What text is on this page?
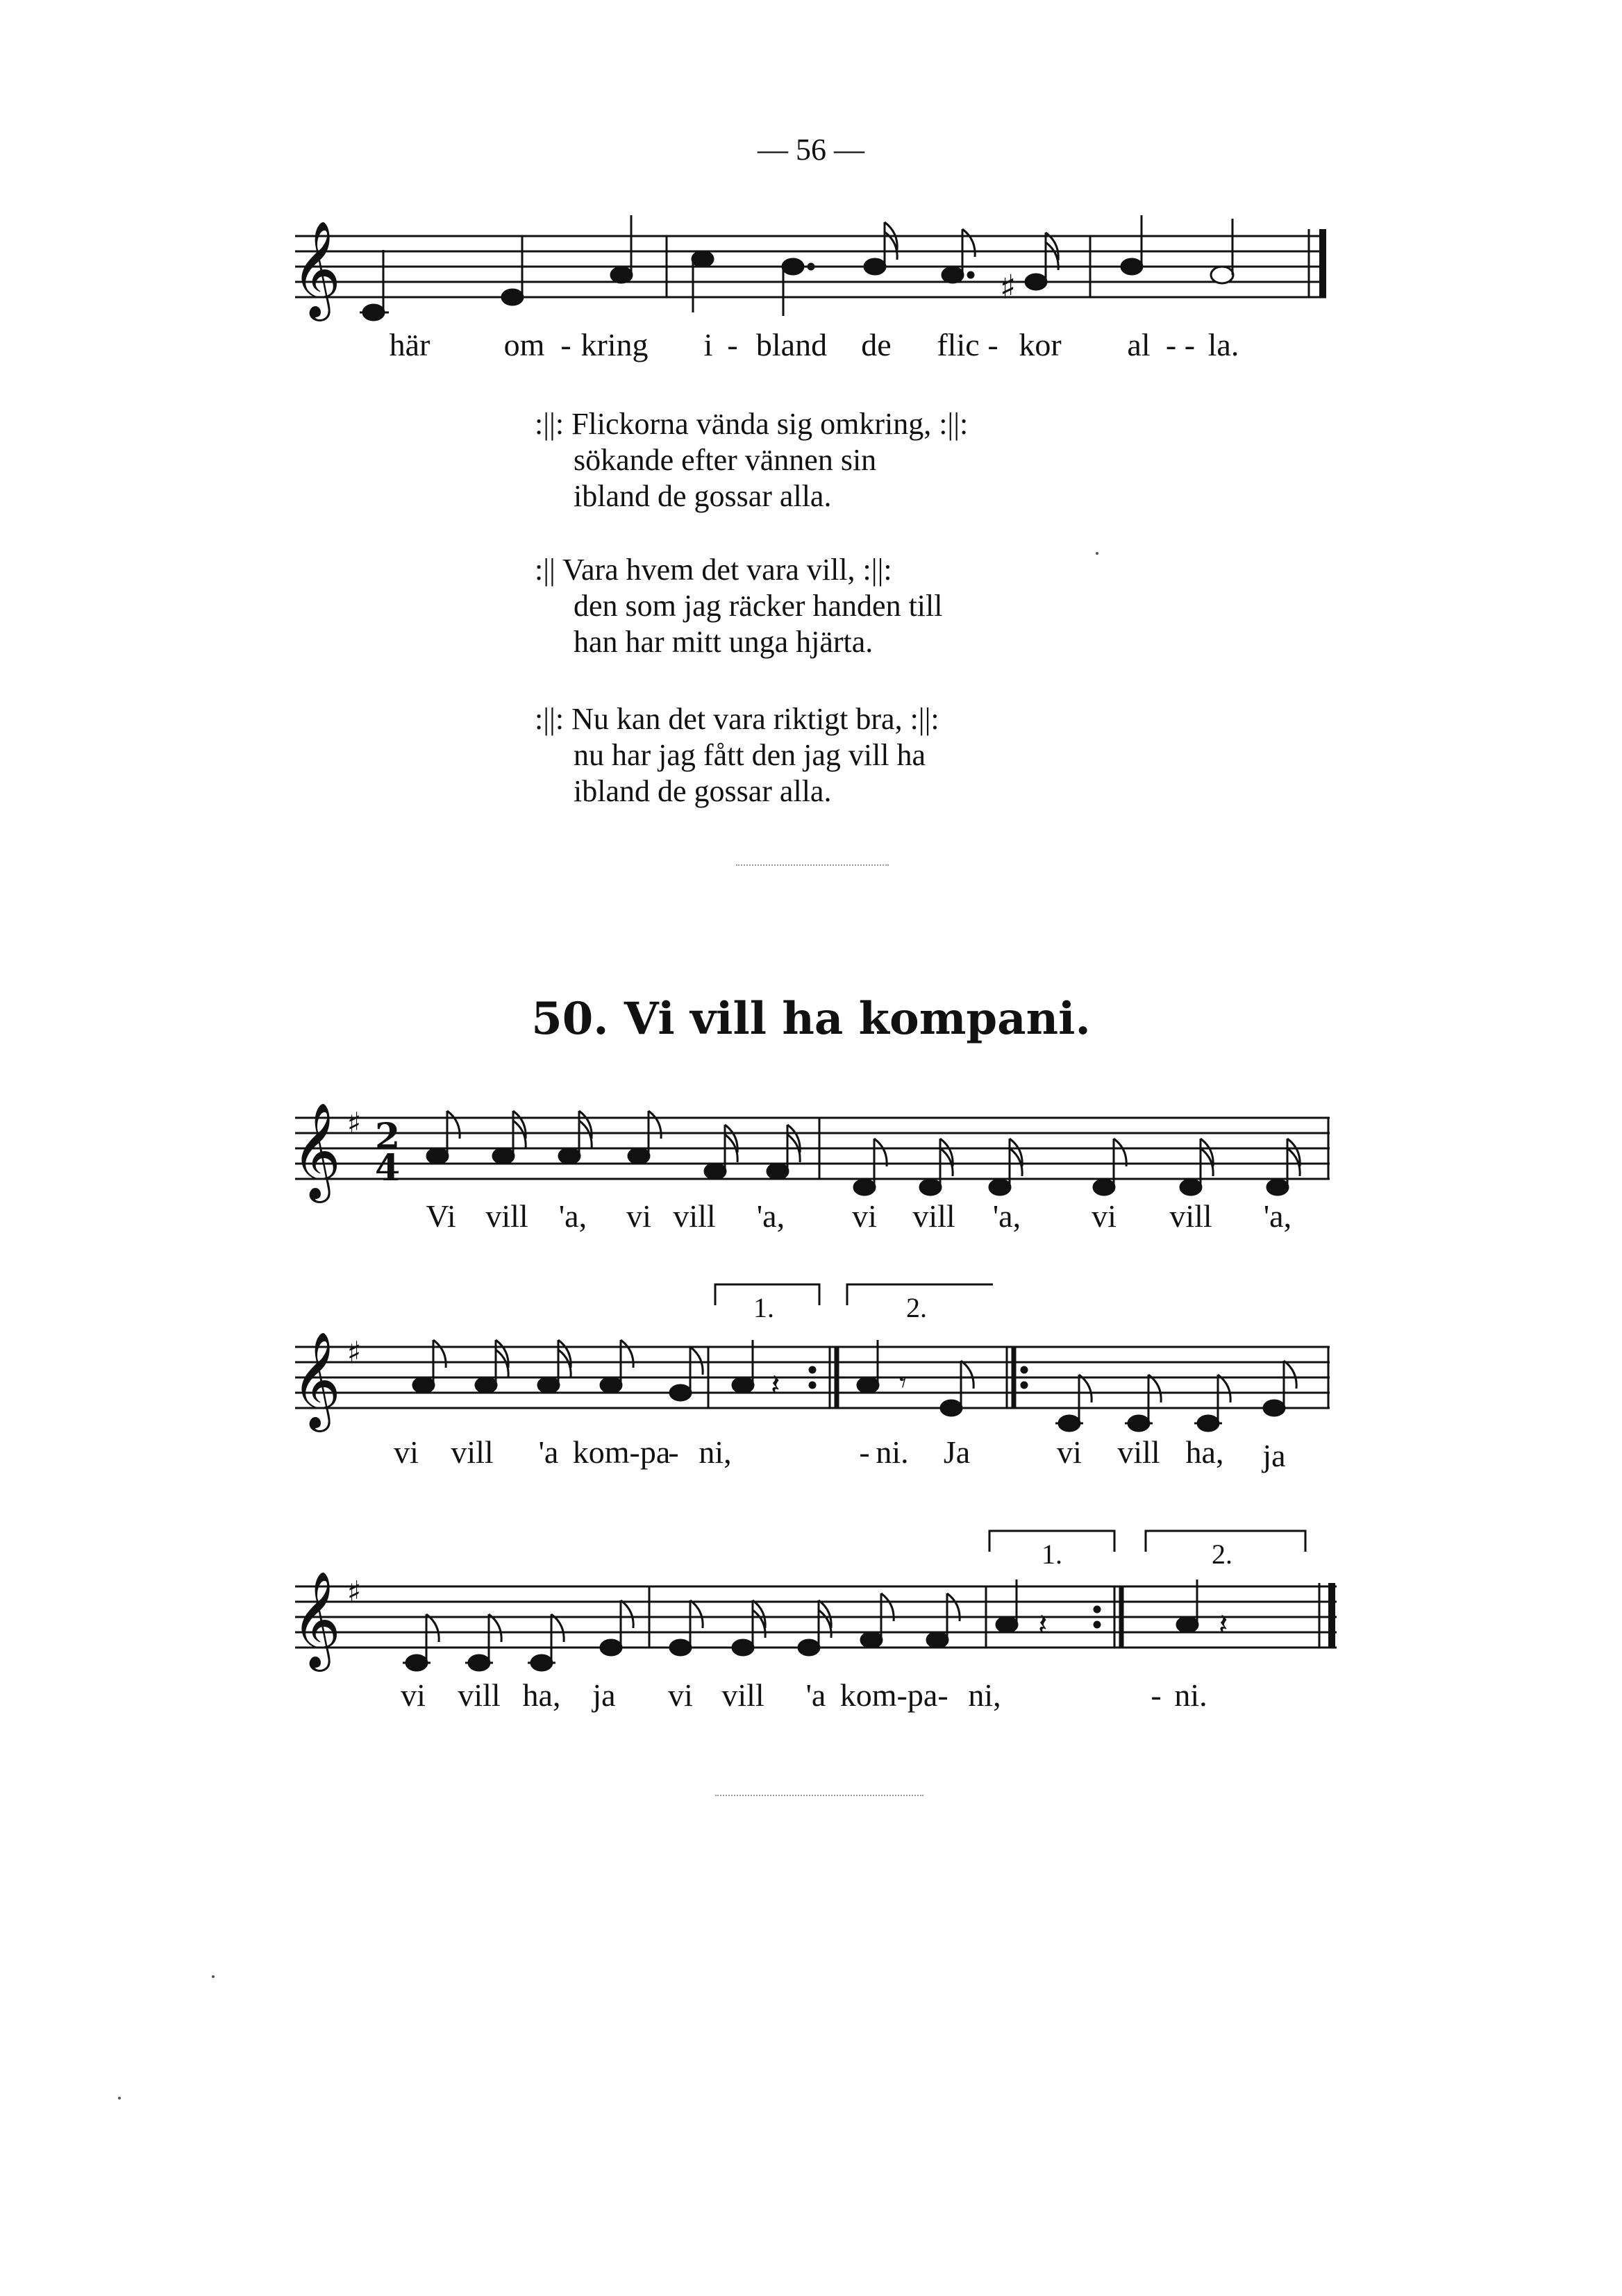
— 56 —
𝄞	♯
här om - kring i - bland de flic - kor al - - la.
:||: Flickorna vända sig omkring, :||:
sökande efter vännen sin
ibland de gossar alla.
:|| Vara hvem det vara vill, :||:
den som jag räcker handen till
han har mitt unga hjärta.
:||: Nu kan det vara riktigt bra, :||:
nu har jag fått den jag vill ha
ibland de gossar alla.
50. Vi vill ha kompani.
𝄞 ♯ 2
4
Vi vill 'a, vi vill 'a, vi vill 'a, vi vill 'a,
𝄞 ♯
𝄽	𝄾
1.	2.
vi vill 'a kom-pa
- ni,	- ni. Ja	vi vill ha, ja
𝄞 ♯
𝄽	𝄽
1.	2.
vi vill ha, ja vi vill 'a kom-pa - ni,	- ni.
